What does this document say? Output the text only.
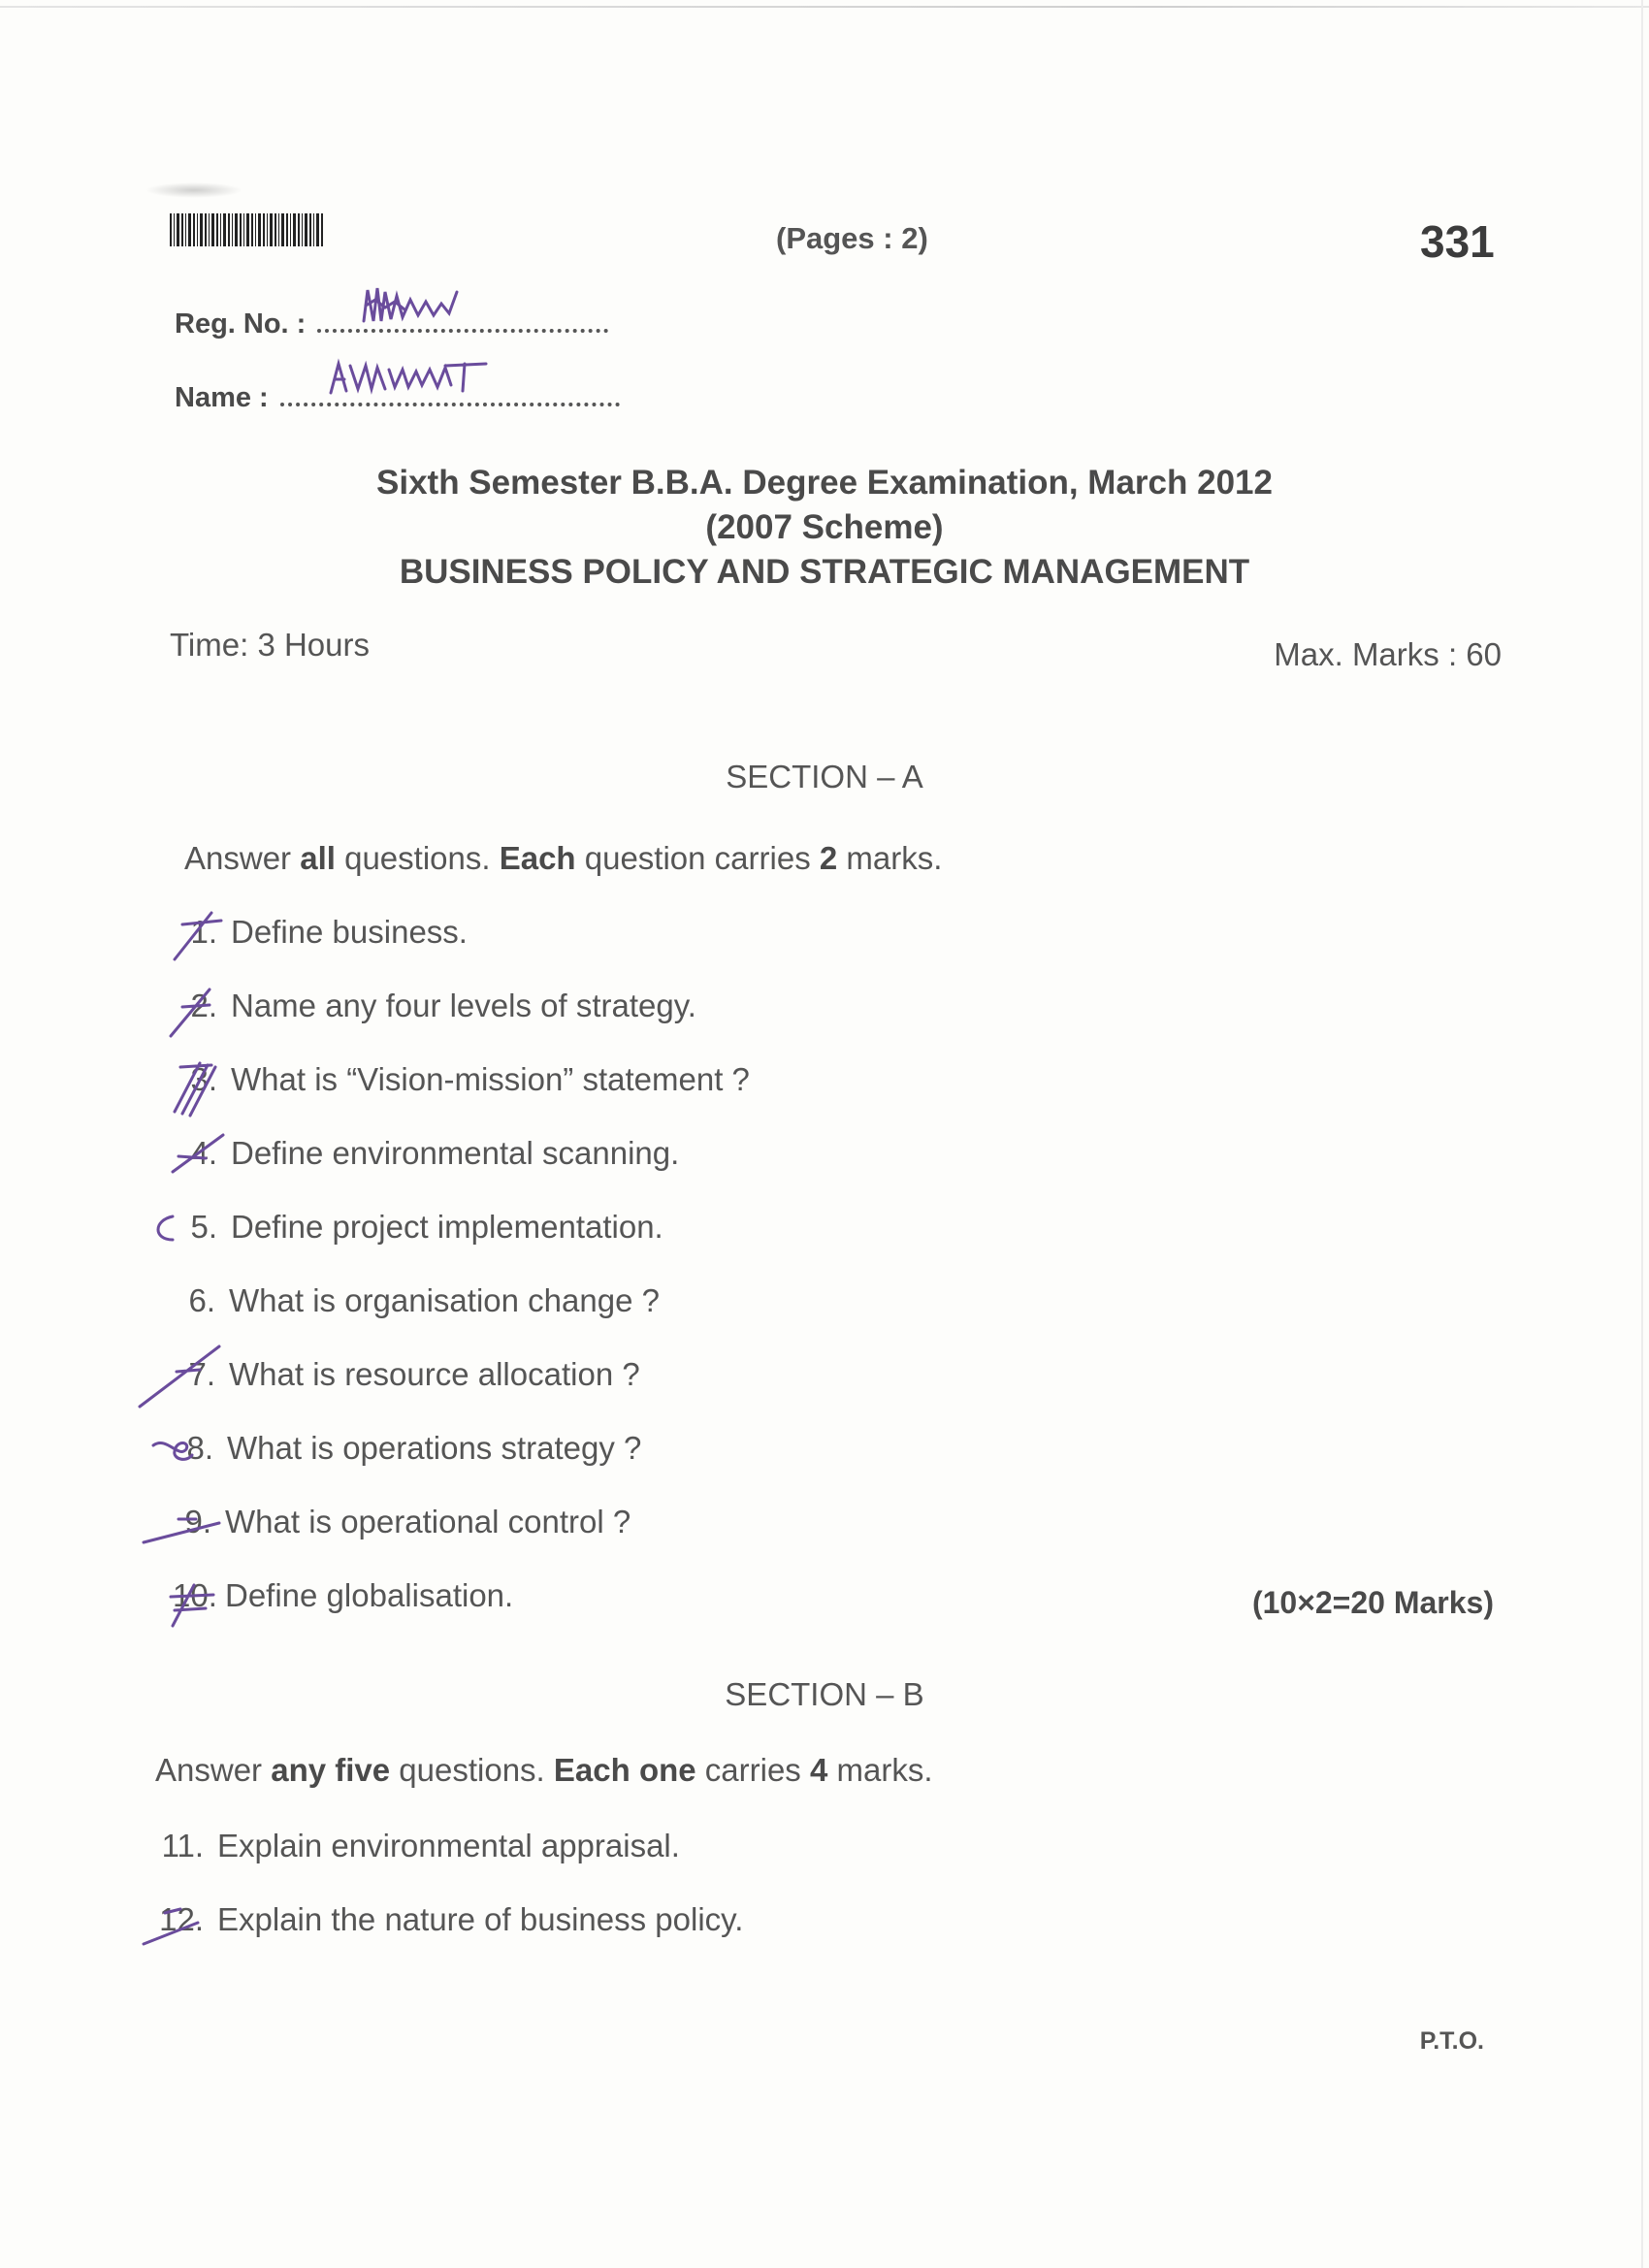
(Pages : 2)	331
Reg. No. :
Name :
Sixth Semester B.B.A. Degree Examination, March 2012
(2007 Scheme)
BUSINESS POLICY AND STRATEGIC MANAGEMENT
Time: 3 Hours	Max. Marks : 60
SECTION – A
Answer all questions. Each question carries 2 marks.
1. Define business.
2. Name any four levels of strategy.
3. What is “Vision-mission” statement ?
4. Define environmental scanning.
5. Define project implementation.
6. What is organisation change ?
7. What is resource allocation ?
8. What is operations strategy ?
9. What is operational control ?
10. Define globalisation.	(10×2=20 Marks)
SECTION – B
Answer any five questions. Each one carries 4 marks.
11. Explain environmental appraisal.
12. Explain the nature of business policy.
P.T.O.
